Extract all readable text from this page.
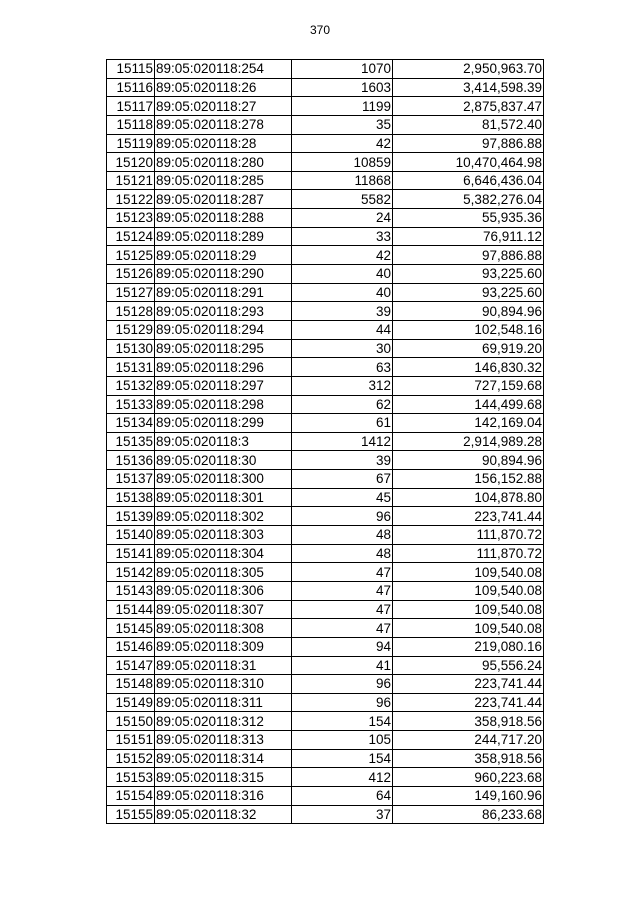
370
15115	89:05:020118:254	1070	2,950,963.70
15116	89:05:020118:26	1603	3,414,598.39
15117	89:05:020118:27	1199	2,875,837.47
15118	89:05:020118:278	35	81,572.40
15119	89:05:020118:28	42	97,886.88
15120	89:05:020118:280	10859	10,470,464.98
15121	89:05:020118:285	11868	6,646,436.04
15122	89:05:020118:287	5582	5,382,276.04
15123	89:05:020118:288	24	55,935.36
15124	89:05:020118:289	33	76,911.12
15125	89:05:020118:29	42	97,886.88
15126	89:05:020118:290	40	93,225.60
15127	89:05:020118:291	40	93,225.60
15128	89:05:020118:293	39	90,894.96
15129	89:05:020118:294	44	102,548.16
15130	89:05:020118:295	30	69,919.20
15131	89:05:020118:296	63	146,830.32
15132	89:05:020118:297	312	727,159.68
15133	89:05:020118:298	62	144,499.68
15134	89:05:020118:299	61	142,169.04
15135	89:05:020118:3	1412	2,914,989.28
15136	89:05:020118:30	39	90,894.96
15137	89:05:020118:300	67	156,152.88
15138	89:05:020118:301	45	104,878.80
15139	89:05:020118:302	96	223,741.44
15140	89:05:020118:303	48	111,870.72
15141	89:05:020118:304	48	111,870.72
15142	89:05:020118:305	47	109,540.08
15143	89:05:020118:306	47	109,540.08
15144	89:05:020118:307	47	109,540.08
15145	89:05:020118:308	47	109,540.08
15146	89:05:020118:309	94	219,080.16
15147	89:05:020118:31	41	95,556.24
15148	89:05:020118:310	96	223,741.44
15149	89:05:020118:311	96	223,741.44
15150	89:05:020118:312	154	358,918.56
15151	89:05:020118:313	105	244,717.20
15152	89:05:020118:314	154	358,918.56
15153	89:05:020118:315	412	960,223.68
15154	89:05:020118:316	64	149,160.96
15155	89:05:020118:32	37	86,233.68
